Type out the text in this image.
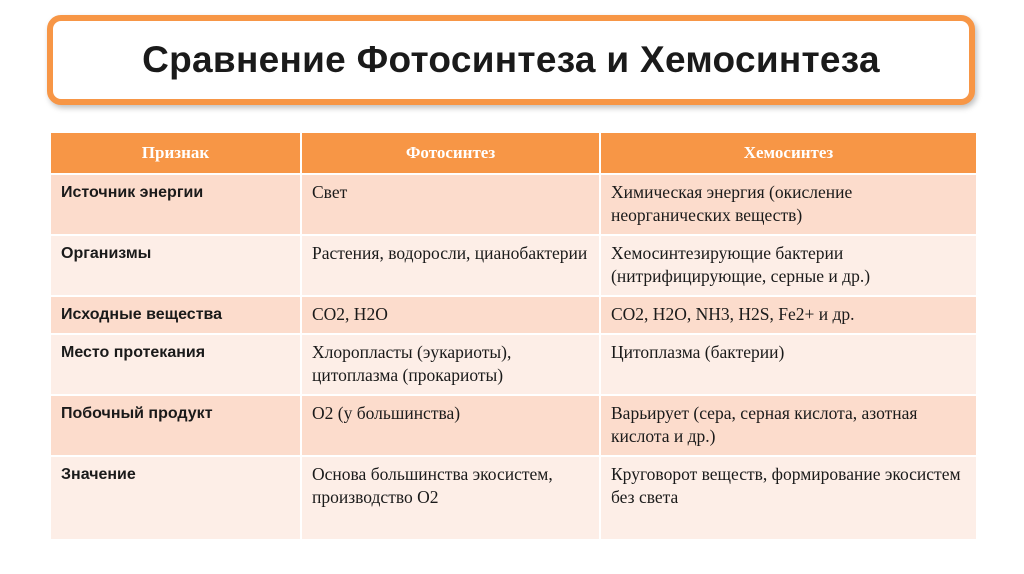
Сравнение Фотосинтеза и Хемосинтеза
Признак	Фотосинтез	Хемосинтез
Источник энергии	Свет	Химическая энергия (окисление неорганических веществ)
Организмы	Растения, водоросли, цианобактерии	Хемосинтезирующие бактерии (нитрифицирующие, серные и др.)
Исходные вещества	CO2, H2O	CO2, H2O, NH3, H2S, Fe2+ и др.
Место протекания	Хлоропласты (эукариоты), цитоплазма (прокариоты)	Цитоплазма (бактерии)
Побочный продукт	O2 (у большинства)	Варьирует (сера, серная кислота, азотная кислота и др.)
Значение	Основа большинства экосистем, производство O2	Круговорот веществ, формирование экосистем без света
